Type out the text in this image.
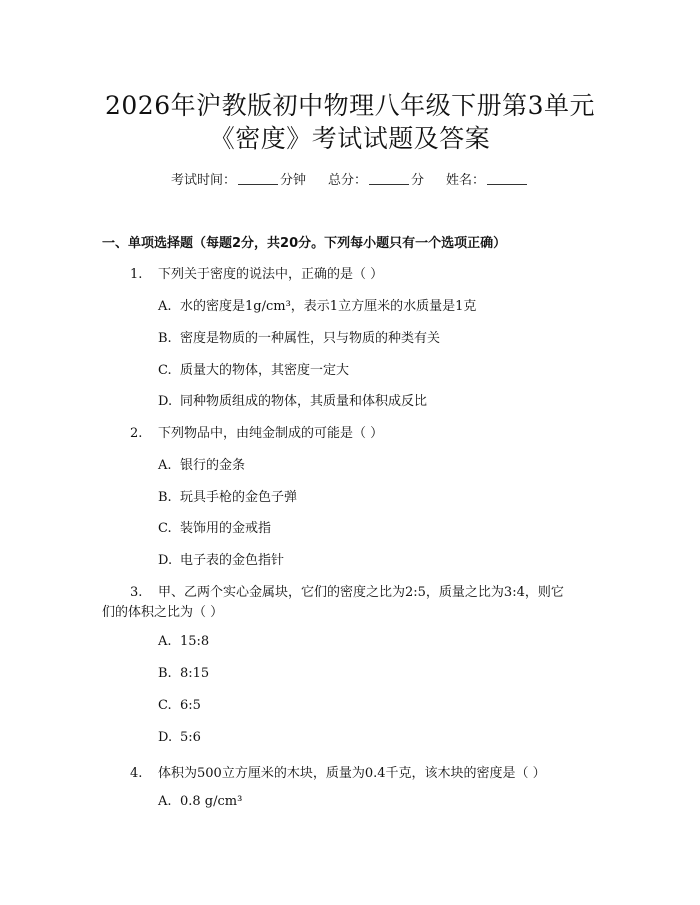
2026年沪教版初中物理八年级下册第3单元
《密度》考试试题及答案
考试时间：	分钟 总分：	分 姓名：
一、单项选择题（每题2分，共20分。下列每小题只有一个选项正确）
1. 下列关于密度的说法中，正确的是（ ）
A. 水的密度是1g/cm³，表示1立方厘米的水质量是1克
B. 密度是物质的一种属性，只与物质的种类有关
C. 质量大的物体，其密度一定大
D. 同种物质组成的物体，其质量和体积成反比
2. 下列物品中，由纯金制成的可能是（ ）
A. 银行的金条
B. 玩具手枪的金色子弹
C. 装饰用的金戒指
D. 电子表的金色指针
3. 甲、乙两个实心金属块，它们的密度之比为2:5，质量之比为3:4，则它
们的体积之比为（ ）
A. 15:8
B. 8:15
C. 6:5
D. 5:6
4. 体积为500立方厘米的木块，质量为0.4千克，该木块的密度是（ ）
A. 0.8 g/cm³
